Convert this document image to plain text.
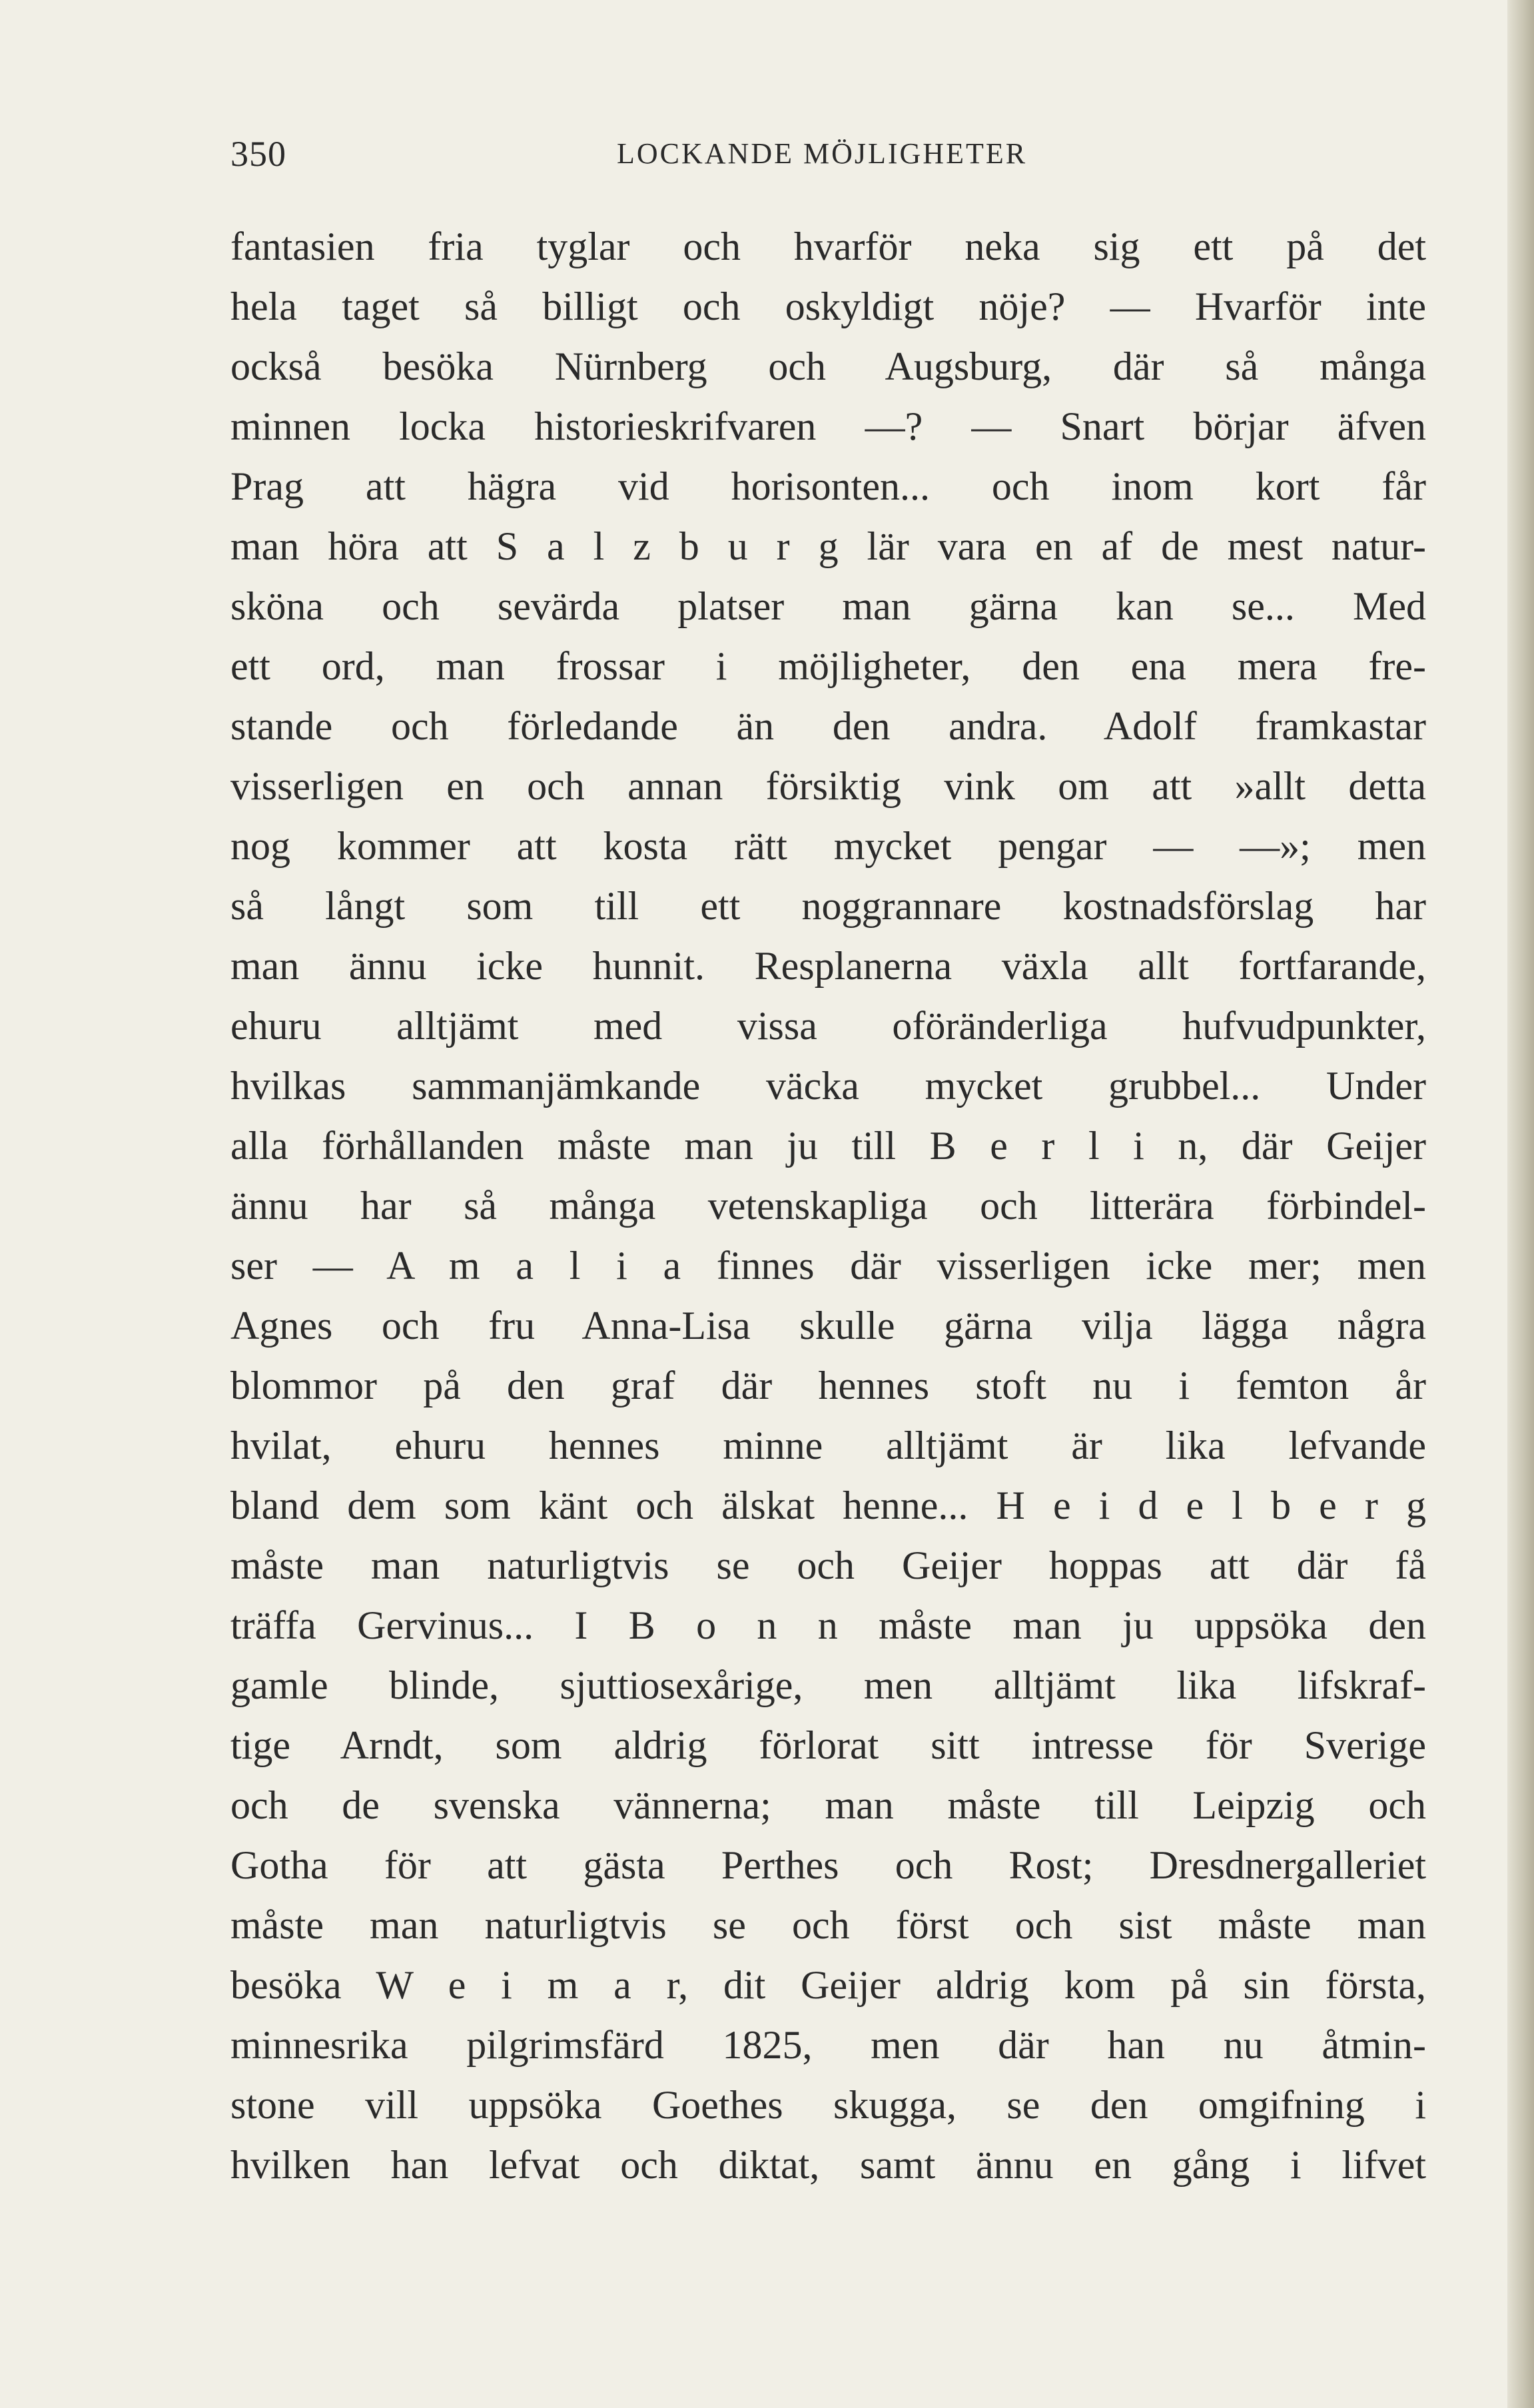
350	LOCKANDE MÖJLIGHETER
fantasien fria tyglar och hvarför neka sig ett på det
hela taget så billigt och oskyldigt nöje? — Hvarför inte
också besöka Nürnberg och Augsburg, där så många
minnen locka historieskrifvaren —? — Snart börjar äfven
Prag att hägra vid horisonten... och inom kort får
man höra att S a l z b u r g lär vara en af de mest natur-
sköna och sevärda platser man gärna kan se... Med
ett ord, man frossar i möjligheter, den ena mera fre-
stande och förledande än den andra. Adolf framkastar
visserligen en och annan försiktig vink om att »allt detta
nog kommer att kosta rätt mycket pengar — —»; men
så långt som till ett noggrannare kostnadsförslag har
man ännu icke hunnit. Resplanerna växla allt fortfarande,
ehuru alltjämt med vissa oföränderliga hufvudpunkter,
hvilkas sammanjämkande väcka mycket grubbel... Under
alla förhållanden måste man ju till B e r l i n, där Geijer
ännu har så många vetenskapliga och litterära förbindel-
ser — A m a l i a finnes där visserligen icke mer; men
Agnes och fru Anna-Lisa skulle gärna vilja lägga några
blommor på den graf där hennes stoft nu i femton år
hvilat, ehuru hennes minne alltjämt är lika lefvande
bland dem som känt och älskat henne... H e i d e l b e r g
måste man naturligtvis se och Geijer hoppas att där få
träffa Gervinus... I B o n n måste man ju uppsöka den
gamle blinde, sjuttiosexårige, men alltjämt lika lifskraf-
tige Arndt, som aldrig förlorat sitt intresse för Sverige
och de svenska vännerna; man måste till Leipzig och
Gotha för att gästa Perthes och Rost; Dresdnergalleriet
måste man naturligtvis se och först och sist måste man
besöka W e i m a r, dit Geijer aldrig kom på sin första,
minnesrika pilgrimsfärd 1825, men där han nu åtmin-
stone vill uppsöka Goethes skugga, se den omgifning i
hvilken han lefvat och diktat, samt ännu en gång i lifvet
